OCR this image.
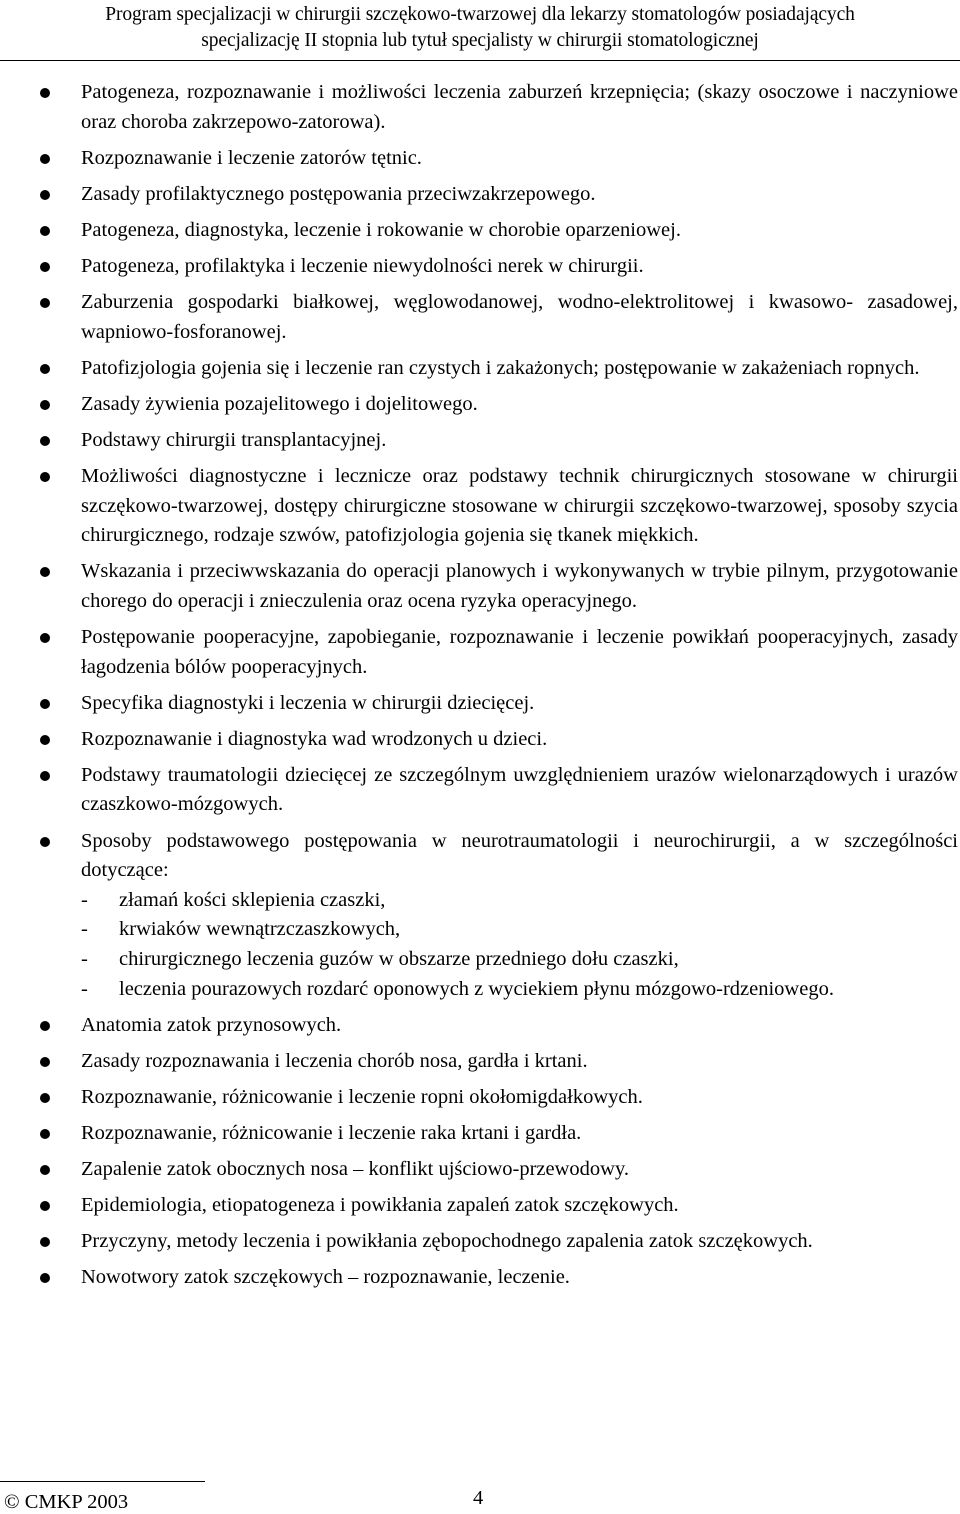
Program specjalizacji w chirurgii szczękowo-twarzowej dla lekarzy stomatologów posiadających
specjalizację II stopnia lub tytuł specjalisty w chirurgii stomatologicznej
Patogeneza, rozpoznawanie i możliwości leczenia zaburzeń krzepnięcia; (skazy osoczowe i naczyniowe oraz choroba zakrzepowo-zatorowa).
Rozpoznawanie i leczenie zatorów tętnic.
Zasady profilaktycznego postępowania przeciwzakrzepowego.
Patogeneza, diagnostyka, leczenie i rokowanie w chorobie oparzeniowej.
Patogeneza, profilaktyka i leczenie niewydolności nerek w chirurgii.
Zaburzenia gospodarki białkowej, węglowodanowej, wodno-elektrolitowej i kwasowo- zasadowej, wapniowo-fosforanowej.
Patofizjologia gojenia się i leczenie ran czystych i zakażonych; postępowanie w zakażeniach ropnych.
Zasady żywienia pozajelitowego i dojelitowego.
Podstawy chirurgii transplantacyjnej.
Możliwości diagnostyczne i lecznicze oraz podstawy technik chirurgicznych stosowane w chirurgii szczękowo-twarzowej, dostępy chirurgiczne stosowane w chirurgii szczękowo-twarzowej, sposoby szycia chirurgicznego, rodzaje szwów, patofizjologia gojenia się tkanek miękkich.
Wskazania i przeciwwskazania do operacji planowych i wykonywanych w trybie pilnym, przygotowanie chorego do operacji i znieczulenia oraz ocena ryzyka operacyjnego.
Postępowanie pooperacyjne, zapobieganie, rozpoznawanie i leczenie powikłań pooperacyjnych, zasady łagodzenia bólów pooperacyjnych.
Specyfika diagnostyki i leczenia w chirurgii dziecięcej.
Rozpoznawanie i diagnostyka wad wrodzonych u dzieci.
Podstawy traumatologii dziecięcej ze szczególnym uwzględnieniem urazów wielonarządowych i urazów czaszkowo-mózgowych.
Sposoby podstawowego postępowania w neurotraumatologii i neurochirurgii, a w szczególności dotyczące:
- złamań kości sklepienia czaszki,
- krwiaków wewnątrzczaszkowych,
- chirurgicznego leczenia guzów w obszarze przedniego dołu czaszki,
- leczenia pourazowych rozdarć oponowych z wyciekiem płynu mózgowo-rdzeniowego.
Anatomia zatok przynosowych.
Zasady rozpoznawania i leczenia chorób nosa, gardła i krtani.
Rozpoznawanie, różnicowanie i leczenie ropni okołomigdałkowych.
Rozpoznawanie, różnicowanie i leczenie raka krtani i gardła.
Zapalenie zatok obocznych nosa – konflikt ujściowo-przewodowy.
Epidemiologia, etiopatogeneza i powikłania zapaleń zatok szczękowych.
Przyczyny, metody leczenia i powikłania zębopochodnego zapalenia zatok szczękowych.
Nowotwory zatok szczękowych – rozpoznawanie, leczenie.
© CMKP 2003	4
